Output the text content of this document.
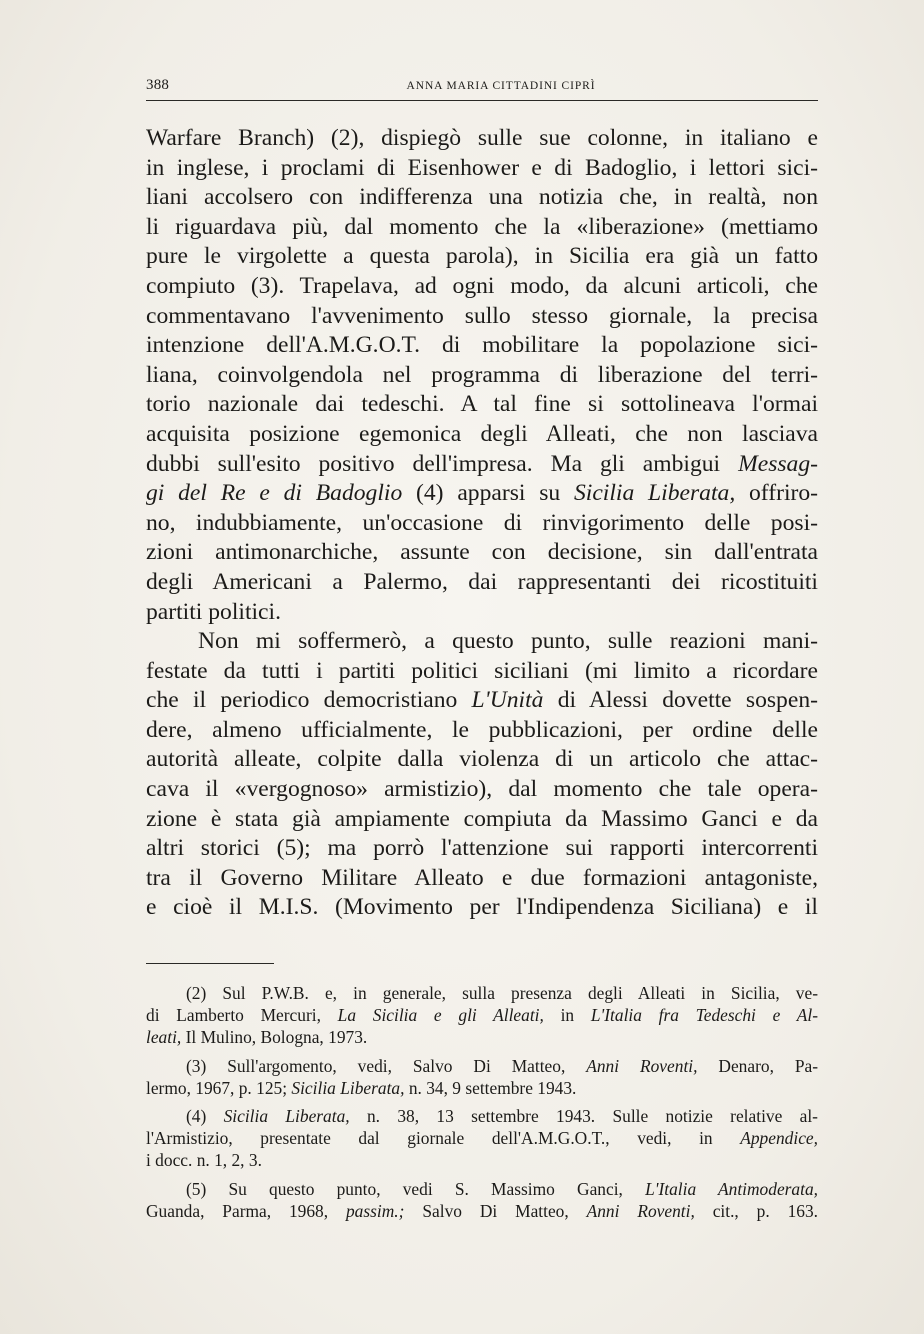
388	ANNA MARIA CITTADINI CIPRÌ
Warfare Branch) (2), dispiegò sulle sue colonne, in italiano e
in inglese, i proclami di Eisenhower e di Badoglio, i lettori sici-
liani accolsero con indifferenza una notizia che, in realtà, non
li riguardava più, dal momento che la «liberazione» (mettiamo
pure le virgolette a questa parola), in Sicilia era già un fatto
compiuto (3). Trapelava, ad ogni modo, da alcuni articoli, che
commentavano l'avvenimento sullo stesso giornale, la precisa
intenzione dell'A.M.G.O.T. di mobilitare la popolazione sici-
liana, coinvolgendola nel programma di liberazione del terri-
torio nazionale dai tedeschi. A tal fine si sottolineava l'ormai
acquisita posizione egemonica degli Alleati, che non lasciava
dubbi sull'esito positivo dell'impresa. Ma gli ambigui Messag-
gi del Re e di Badoglio (4) apparsi su Sicilia Liberata, offriro-
no, indubbiamente, un'occasione di rinvigorimento delle posi-
zioni antimonarchiche, assunte con decisione, sin dall'entrata
degli Americani a Palermo, dai rappresentanti dei ricostituiti
partiti politici.
Non mi soffermerò, a questo punto, sulle reazioni mani-
festate da tutti i partiti politici siciliani (mi limito a ricordare
che il periodico democristiano L'Unità di Alessi dovette sospen-
dere, almeno ufficialmente, le pubblicazioni, per ordine delle
autorità alleate, colpite dalla violenza di un articolo che attac-
cava il «vergognoso» armistizio), dal momento che tale opera-
zione è stata già ampiamente compiuta da Massimo Ganci e da
altri storici (5); ma porrò l'attenzione sui rapporti intercorrenti
tra il Governo Militare Alleato e due formazioni antagoniste,
e cioè il M.I.S. (Movimento per l'Indipendenza Siciliana) e il
(2) Sul P.W.B. e, in generale, sulla presenza degli Alleati in Sicilia, ve-
di Lamberto Mercuri, La Sicilia e gli Alleati, in L'Italia fra Tedeschi e Al-
leati, Il Mulino, Bologna, 1973.
(3) Sull'argomento, vedi, Salvo Di Matteo, Anni Roventi, Denaro, Pa-
lermo, 1967, p. 125; Sicilia Liberata, n. 34, 9 settembre 1943.
(4) Sicilia Liberata, n. 38, 13 settembre 1943. Sulle notizie relative al-
l'Armistizio, presentate dal giornale dell'A.M.G.O.T., vedi, in Appendice,
i docc. n. 1, 2, 3.
(5) Su questo punto, vedi S. Massimo Ganci, L'Italia Antimoderata,
Guanda, Parma, 1968, passim.; Salvo Di Matteo, Anni Roventi, cit., p. 163.
